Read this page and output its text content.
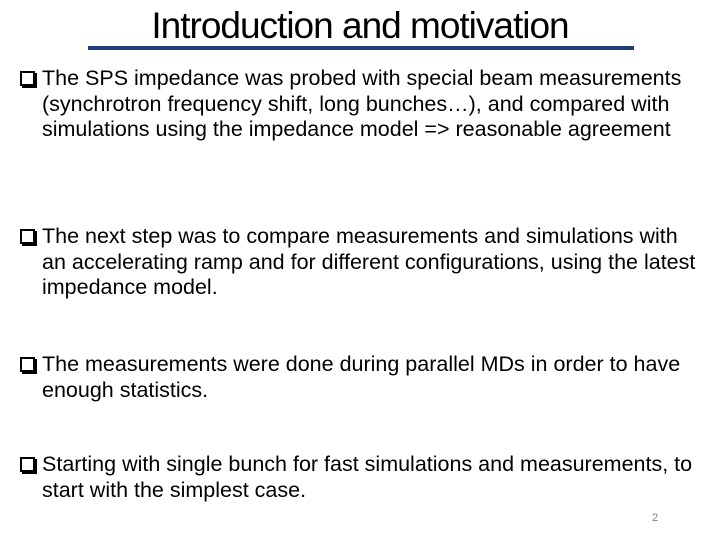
Introduction and motivation
The SPS impedance was probed with special beam measurements (synchrotron frequency shift, long bunches…), and compared with simulations using the impedance model => reasonable agreement
The next step was to compare measurements and simulations with an accelerating ramp and for different configurations, using the latest impedance model.
The measurements were done during parallel MDs in order to have enough statistics.
Starting with single bunch for fast simulations and measurements, to start with the simplest case.
2
